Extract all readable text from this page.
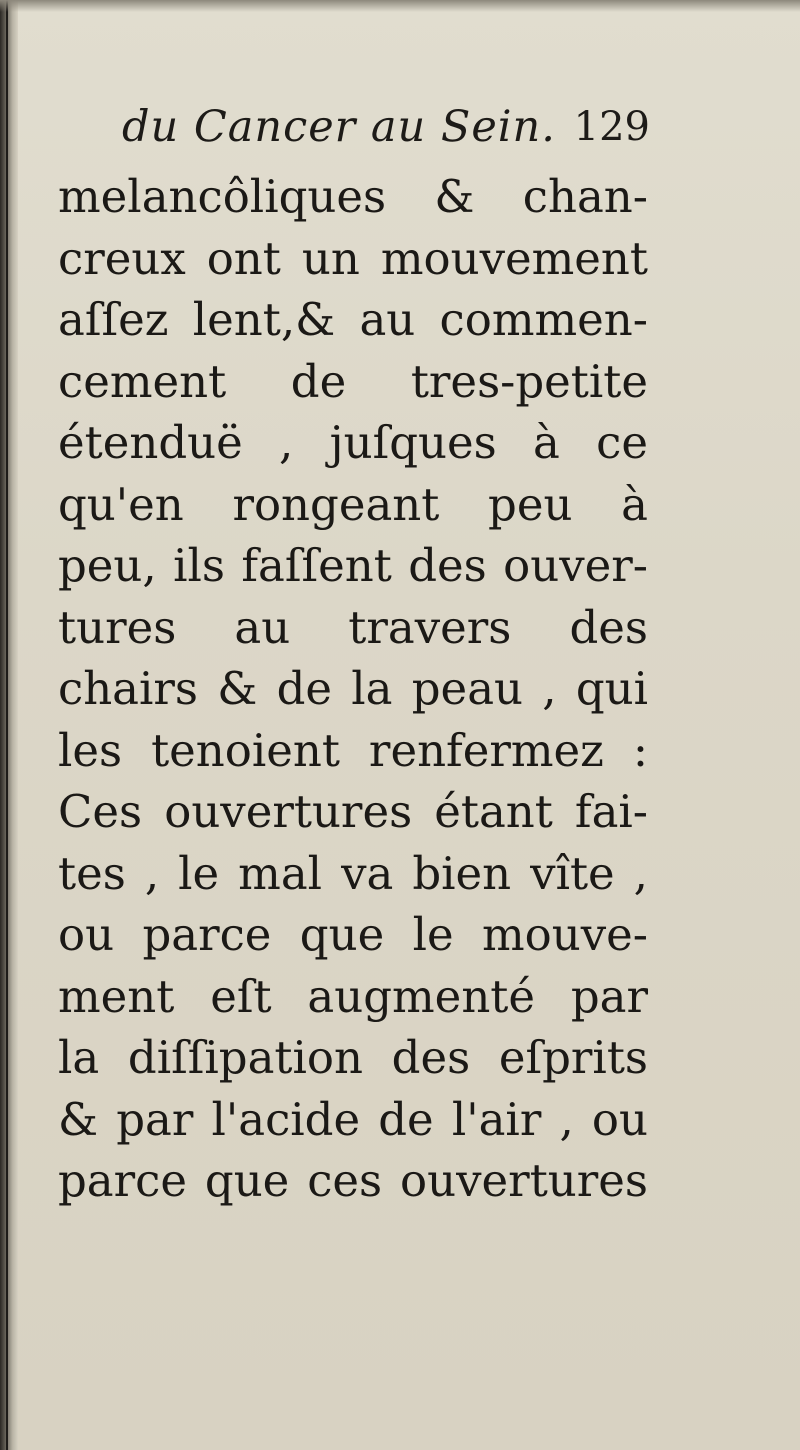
du Cancer au Sein. 129
melancôliques & chan-
creux ont un mouvement
aſſez lent,& au commen-
cement de tres-petite
étenduë , juſques à ce
qu'en rongeant peu à
peu, ils faſſent des ouver-
tures au travers des
chairs & de la peau , qui
les tenoient renfermez :
Ces ouvertures étant fai-
tes , le mal va bien vîte ,
ou parce que le mouve-
ment eſt augmenté par
la diſſipation des eſprits
& par l'acide de l'air , ou
parce que ces ouvertures
